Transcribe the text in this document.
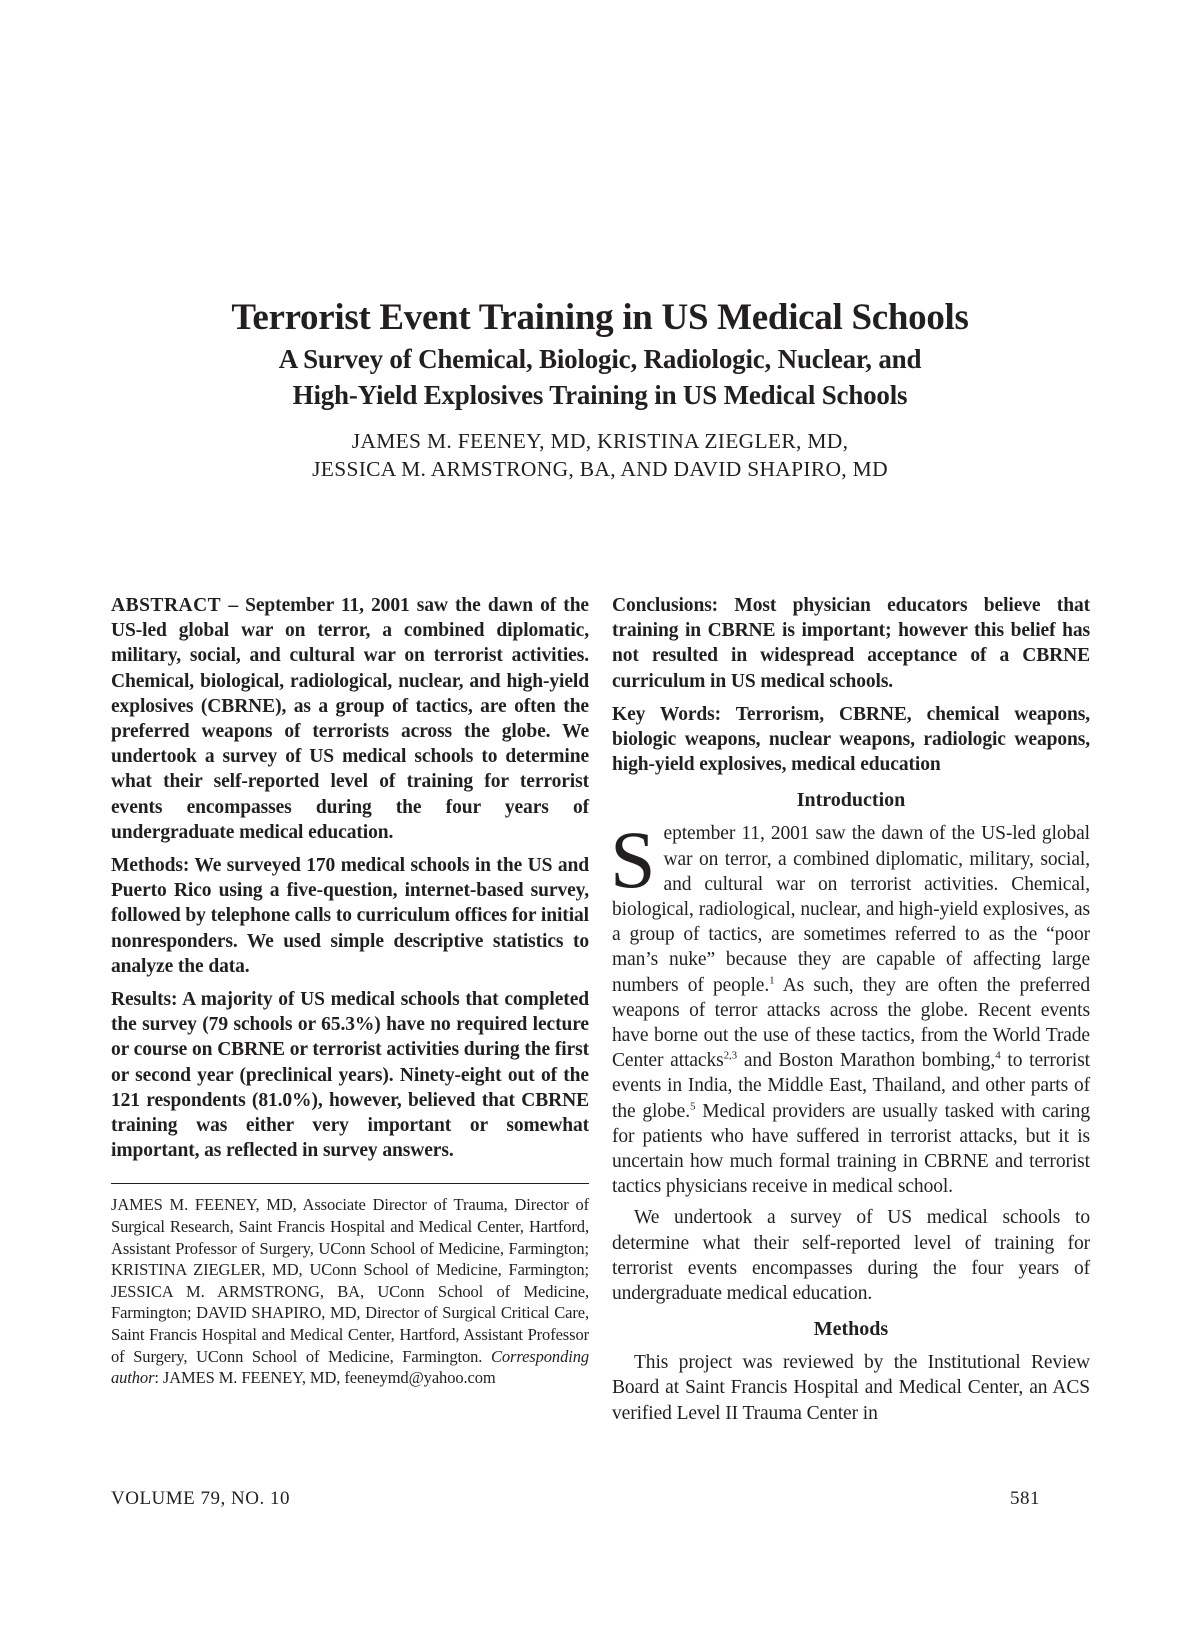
Terrorist Event Training in US Medical Schools
A Survey of Chemical, Biologic, Radiologic, Nuclear, and
High-Yield Explosives Training in US Medical Schools
JAMES M. FEENEY, MD, KRISTINA ZIEGLER, MD,
JESSICA M. ARMSTRONG, BA, AND DAVID SHAPIRO, MD

ABSTRACT – September 11, 2001 saw the dawn of the US-led global war on terror, a combined diplomatic, military, social, and cultural war on terrorist activities. Chemical, biological, radiological, nuclear, and high-yield explosives (CBRNE), as a group of tactics, are often the preferred weapons of terrorists across the globe. We undertook a survey of US medical schools to determine what their self-reported level of training for terrorist events encompasses during the four years of undergraduate medical education.

Methods: We surveyed 170 medical schools in the US and Puerto Rico using a five-question, internet-based survey, followed by telephone calls to curriculum offices for initial nonresponders. We used simple descriptive statistics to analyze the data.

Results: A majority of US medical schools that completed the survey (79 schools or 65.3%) have no required lecture or course on CBRNE or terrorist activities during the first or second year (preclinical years). Ninety-eight out of the 121 respondents (81.0%), however, believed that CBRNE training was either very important or somewhat important, as reflected in survey answers.

JAMES M. FEENEY, MD, Associate Director of Trauma, Director of Surgical Research, Saint Francis Hospital and Medical Center, Hartford, Assistant Professor of Surgery, UConn School of Medicine, Farmington; KRISTINA ZIEGLER, MD, UConn School of Medicine, Farmington; JESSICA M. ARMSTRONG, BA, UConn School of Medicine, Farmington; DAVID SHAPIRO, MD, Director of Surgical Critical Care, Saint Francis Hospital and Medical Center, Hartford, Assistant Professor of Surgery, UConn School of Medicine, Farmington. Corresponding author: JAMES M. FEENEY, MD, feeneymd@yahoo.com

Conclusions: Most physician educators believe that training in CBRNE is important; however this belief has not resulted in widespread acceptance of a CBRNE curriculum in US medical schools.

Key Words: Terrorism, CBRNE, chemical weapons, biologic weapons, nuclear weapons, radiologic weapons, high-yield explosives, medical education

Introduction

September 11, 2001 saw the dawn of the US-led global war on terror, a combined diplomatic, military, social, and cultural war on terrorist activities. Chemical, biological, radiological, nuclear, and high-yield explosives, as a group of tactics, are sometimes referred to as the “poor man’s nuke” because they are capable of affecting large numbers of people.$^1$ As such, they are often the preferred weapons of terror attacks across the globe. Recent events have borne out the use of these tactics, from the World Trade Center attacks$^{2,3}$ and Boston Marathon bombing,$^4$ to terrorist events in India, the Middle East, Thailand, and other parts of the globe.$^5$ Medical providers are usually tasked with caring for patients who have suffered in terrorist attacks, but it is uncertain how much formal training in CBRNE and terrorist tactics physicians receive in medical school.

We undertook a survey of US medical schools to determine what their self-reported level of training for terrorist events encompasses during the four years of undergraduate medical education.

Methods

This project was reviewed by the Institutional Review Board at Saint Francis Hospital and Medical Center, an ACS verified Level II Trauma Center in

VOLUME 79, NO. 10	581
